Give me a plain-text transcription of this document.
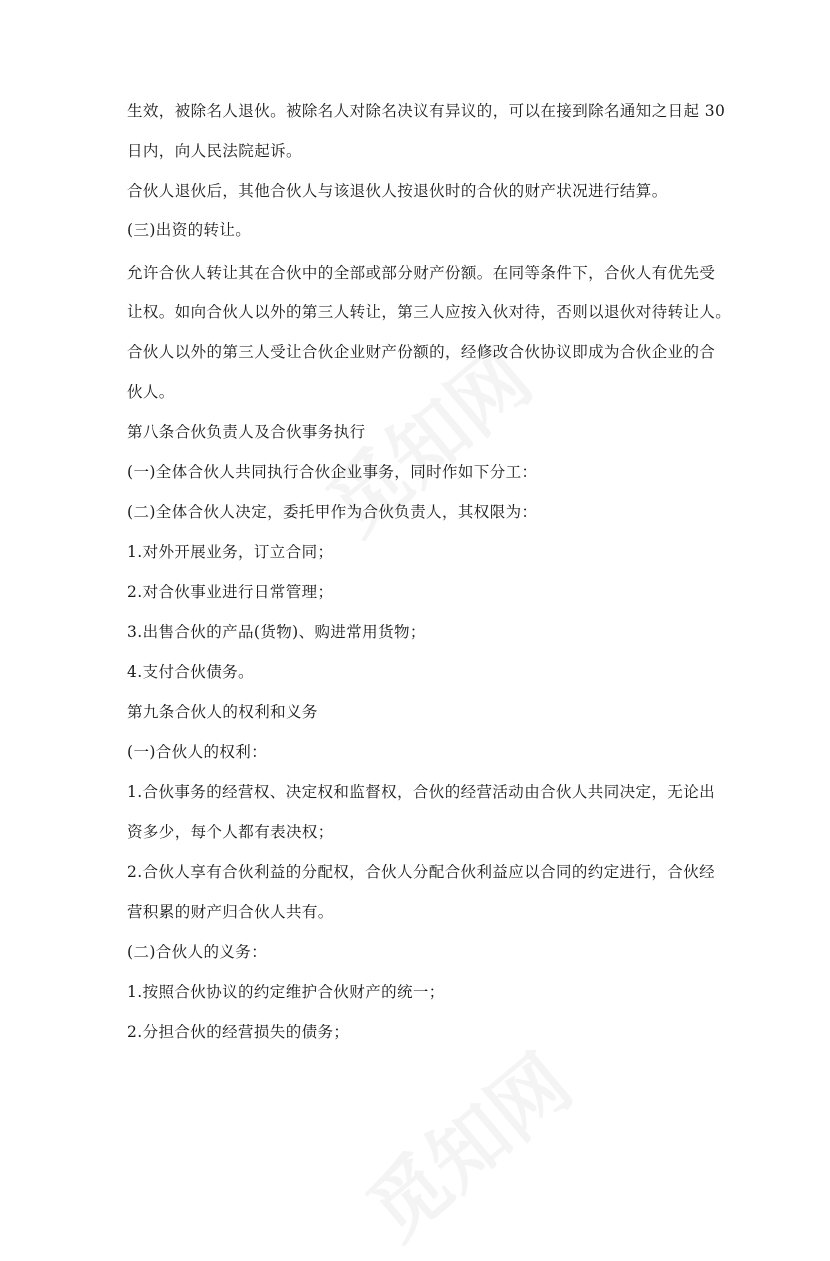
生效，被除名人退伙。被除名人对除名决议有异议的，可以在接到除名通知之日起 30
日内，向人民法院起诉。
合伙人退伙后，其他合伙人与该退伙人按退伙时的合伙的财产状况进行结算。
(三)出资的转让。
允许合伙人转让其在合伙中的全部或部分财产份额。在同等条件下，合伙人有优先受
让权。如向合伙人以外的第三人转让，第三人应按入伙对待，否则以退伙对待转让人。
合伙人以外的第三人受让合伙企业财产份额的，经修改合伙协议即成为合伙企业的合
伙人。
第八条合伙负责人及合伙事务执行
(一)全体合伙人共同执行合伙企业事务，同时作如下分工：
(二)全体合伙人决定，委托甲作为合伙负责人，其权限为：
1.对外开展业务，订立合同；
2.对合伙事业进行日常管理；
3.出售合伙的产品(货物)、购进常用货物；
4.支付合伙债务。
第九条合伙人的权利和义务
(一)合伙人的权利：
1.合伙事务的经营权、决定权和监督权，合伙的经营活动由合伙人共同决定，无论出
资多少，每个人都有表决权；
2.合伙人享有合伙利益的分配权，合伙人分配合伙利益应以合同的约定进行，合伙经
营积累的财产归合伙人共有。
(二)合伙人的义务：
1.按照合伙协议的约定维护合伙财产的统一；
2.分担合伙的经营损失的债务；
